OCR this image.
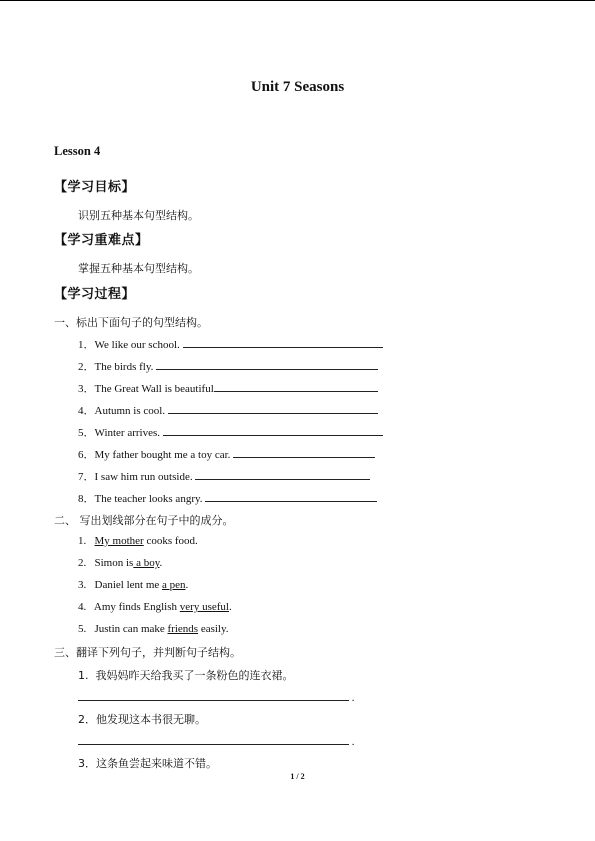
Unit 7 Seasons
Lesson 4
【学习目标】
识别五种基本句型结构。
【学习重难点】
掌握五种基本句型结构。
【学习过程】
一、标出下面句子的句型结构。
1．We like our school.
2．The birds fly.
3．The Great Wall is beautiful
4．Autumn is cool.
5．Winter arrives.
6．My father bought me a toy car.
7．I saw him run outside.
8．The teacher looks angry.
二、 写出划线部分在句子中的成分。
1. My mother cooks food.
2. Simon is a boy.
3. Daniel lent me a pen.
4. Amy finds English very useful.
5. Justin can make friends easily.
三、翻译下列句子，并判断句子结构。
1. 我妈妈昨天给我买了一条粉色的连衣裙。
.
2．他发现这本书很无聊。
.
3．这条鱼尝起来味道不错。
1 / 2
